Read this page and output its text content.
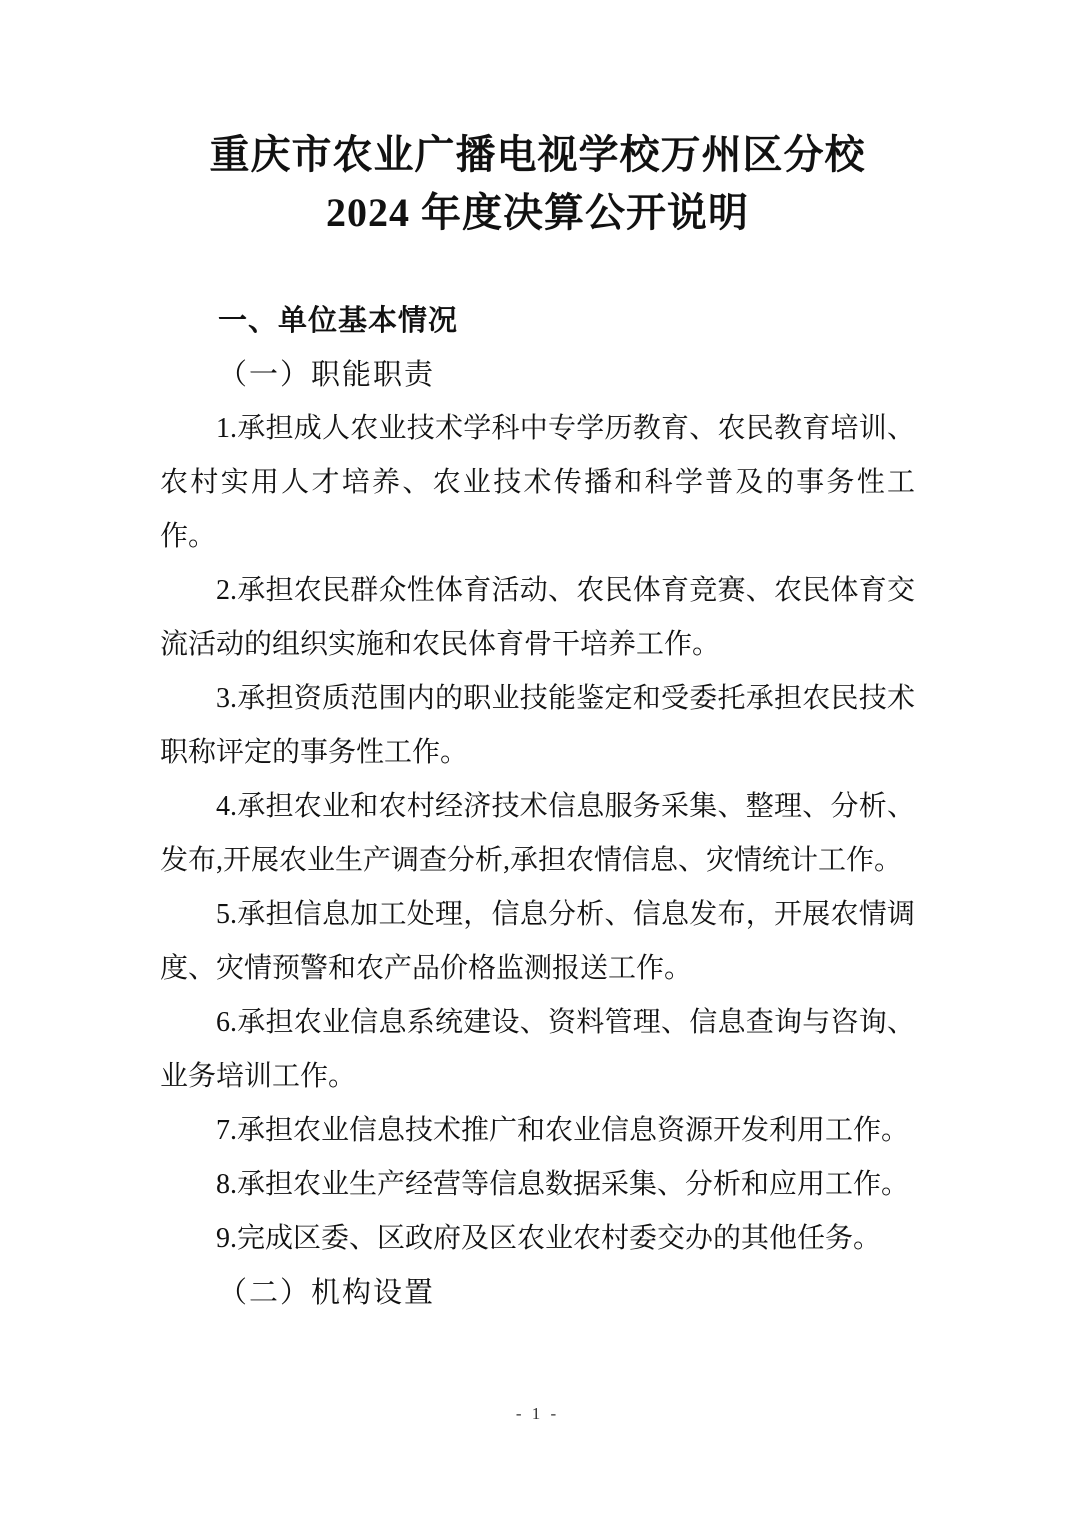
重庆市农业广播电视学校万州区分校
2024 年度决算公开说明
一、单位基本情况
（一）职能职责
1.承担成人农业技术学科中专学历教育、农民教育培训、农村实用人才培养、农业技术传播和科学普及的事务性工作。
2.承担农民群众性体育活动、农民体育竞赛、农民体育交流活动的组织实施和农民体育骨干培养工作。
3.承担资质范围内的职业技能鉴定和受委托承担农民技术职称评定的事务性工作。
4.承担农业和农村经济技术信息服务采集、整理、分析、发布,开展农业生产调查分析,承担农情信息、灾情统计工作。
5.承担信息加工处理，信息分析、信息发布，开展农情调度、灾情预警和农产品价格监测报送工作。
6.承担农业信息系统建设、资料管理、信息查询与咨询、业务培训工作。
7.承担农业信息技术推广和农业信息资源开发利用工作。
8.承担农业生产经营等信息数据采集、分析和应用工作。
9.完成区委、区政府及区农业农村委交办的其他任务。
（二）机构设置
- 1 -
